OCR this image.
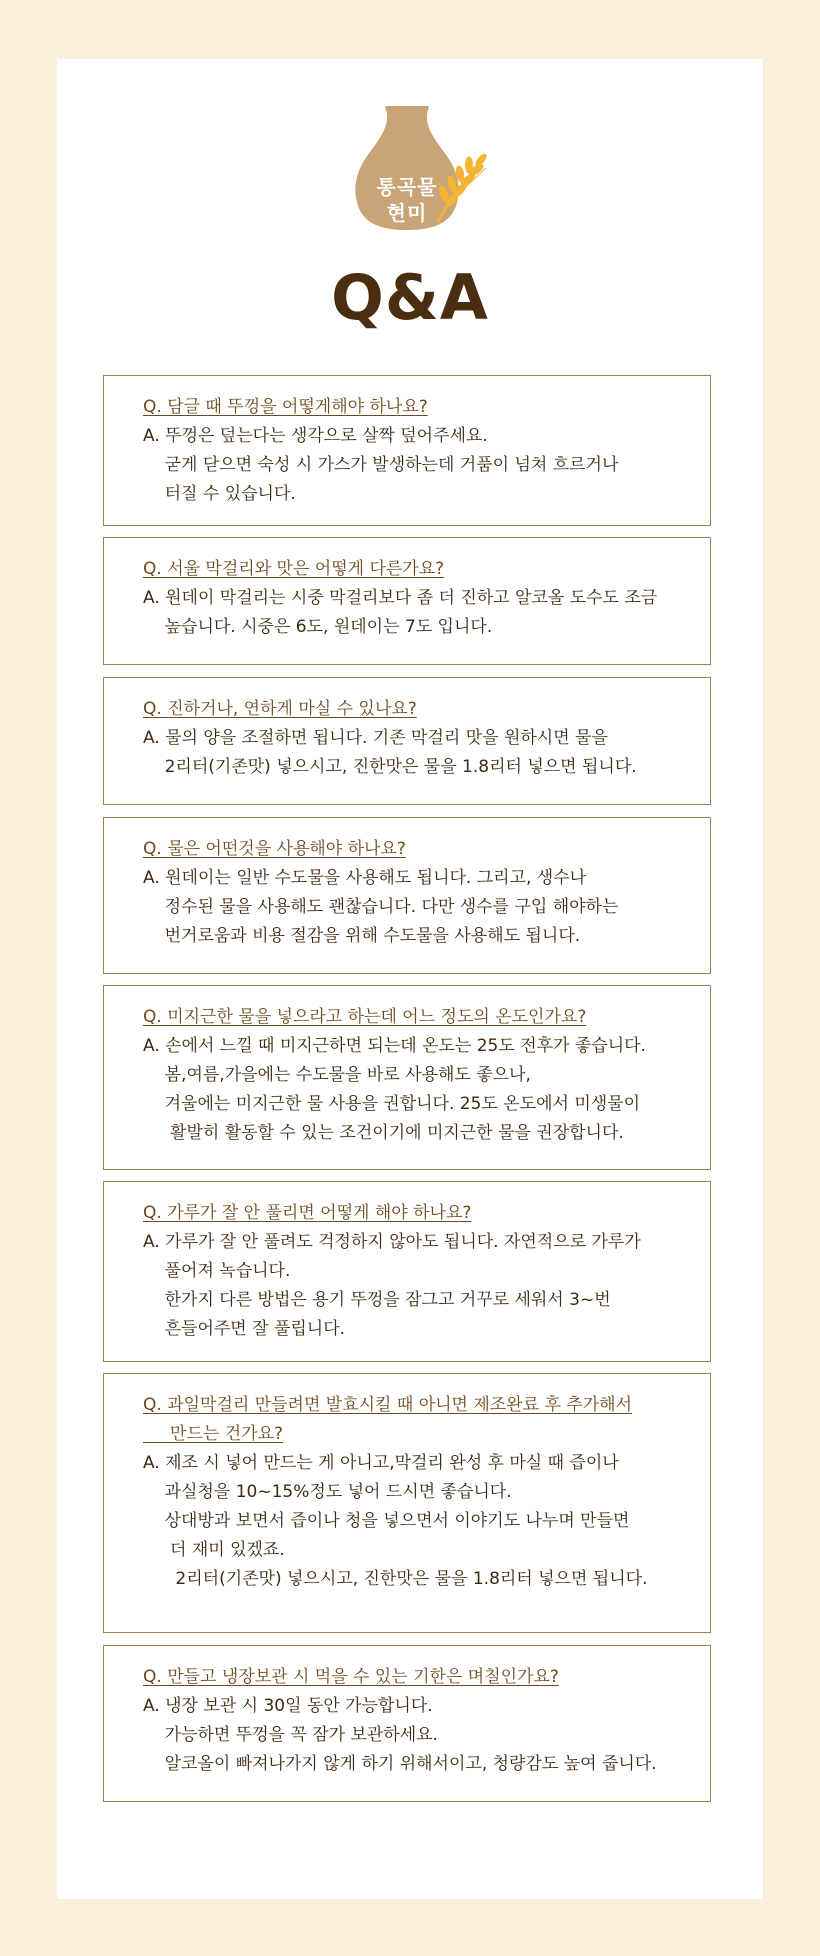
통곡물
현미
Q&A
Q. 담글 때 뚜껑을 어떻게해야 하나요?

A. 뚜껑은 덮는다는 생각으로 살짝 덮어주세요.
굳게 닫으면 숙성 시 가스가 발생하는데 거품이 넘쳐 흐르거나
터질 수 있습니다.

Q. 서울 막걸리와 맛은 어떻게 다른가요?

A. 원데이 막걸리는 시중 막걸리보다 좀 더 진하고 알코올 도수도 조금
높습니다. 시중은 6도, 원데이는 7도 입니다.

Q. 진하거나, 연하게 마실 수 있나요?

A. 물의 양을 조절하면 됩니다. 기존 막걸리 맛을 원하시면 물을
2리터(기존맛) 넣으시고, 진한맛은 물을 1.8리터 넣으면 됩니다.

Q. 물은 어떤것을 사용해야 하나요?

A. 원데이는 일반 수도물을 사용해도 됩니다. 그리고, 생수나
정수된 물을 사용해도 괜찮습니다. 다만 생수를 구입 해야하는
번거로움과 비용 절감을 위해 수도물을 사용해도 됩니다.

Q. 미지근한 물을 넣으라고 하는데 어느 정도의 온도인가요?

A. 손에서 느낄 때 미지근하면 되는데 온도는 25도 전후가 좋습니다.
봄,여름,가을에는 수도물을 바로 사용해도 좋으나,
겨울에는 미지근한 물 사용을 권합니다. 25도 온도에서 미생물이
활발히 활동할 수 있는 조건이기에 미지근한 물을 권장합니다.

Q. 가루가 잘 안 풀리면 어떻게 해야 하나요?

A. 가루가 잘 안 풀려도 걱정하지 않아도 됩니다. 자연적으로 가루가
풀어져 녹습니다.
한가지 다른 방법은 용기 뚜껑을 잠그고 거꾸로 세워서 3~번
흔들어주면 잘 풀립니다.

Q. 과일막걸리 만들려면 발효시킬 때 아니면 제조완료 후 추가해서
만드는 건가요?

A. 제조 시 넣어 만드는 게 아니고,막걸리 완성 후 마실 때 즙이나
과실청을 10~15%정도 넣어 드시면 좋습니다.
상대방과 보면서 즙이나 청을 넣으면서 이야기도 나누며 만들면
더 재미 있겠죠.
2리터(기존맛) 넣으시고, 진한맛은 물을 1.8리터 넣으면 됩니다.

Q. 만들고 냉장보관 시 먹을 수 있는 기한은 며칠인가요?

A. 냉장 보관 시 30일 동안 가능합니다.
가능하면 뚜껑을 꼭 잠가 보관하세요.
알코올이 빠져나가지 않게 하기 위해서이고, 청량감도 높여 줍니다.
